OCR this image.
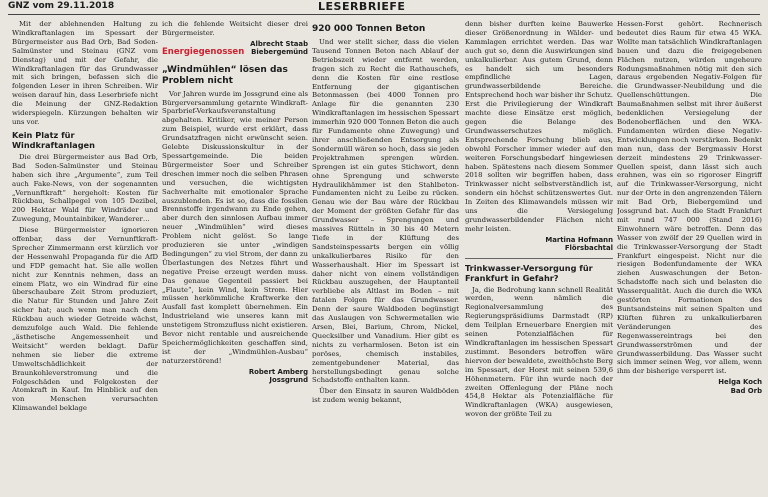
GNZ vom 29.11.2018	LESERBRIEFE

Mit der ablehnenden Haltung zu Windkraftanlagen im Spessart der Bürgermeister aus Bad Orb, Bad Soden-Salmünster und Steinau (GNZ vom Dienstag) und mit der Gefahr, die Windkraftanlagen für das Grundwasser mit sich bringen, befassen sich die folgenden Leser in ihren Schreiben. Wir weisen darauf hin, dass Leserbriefe nicht die Meinung der GNZ-Redaktion widerspiegeln. Kürzungen behalten wir uns vor.

Kein Platz für Windkraftanlagen

Die drei Bürgermeister aus Bad Orb, Bad Soden-Salmünster und Steinau haben sich ihre „Argumente“, zum Teil auch Fake-News, von der sogenannten „Vernunftkraft“ hergeholt: Kosten für Rückbau, Schallpegel von 105 Dezibel, 200 Hektar Wald für Windräder und Zuwegung, Mountainbiker, Wanderer…

Diese Bürgermeister ignorieren offenbar, dass der Vernunftkraft-Sprecher Zimmermann erst kürzlich vor der Hessenwahl Propaganda für die AfD und FDP gemacht hat. Sie alle wollen nicht zur Kenntnis nehmen, dass an einem Platz, wo ein Windrad für eine überschaubare Zeit Strom produziert, die Natur für Stunden und Jahre Zeit sicher hat; auch wenn man nach dem Rückbau auch wieder Getreide wächst, demzufolge auch Wald. Die fehlende „ästhetische Angemessenheit und Weitsicht“ werden beklagt. Dafür nehmen sie lieber die extreme Umweltschädlichkeit der Braunkohleverstromung und die Folgeschäden und Folgekosten der Atomkraft in Kauf. Im Hinblick auf den von Menschen verursachten Klimawandel beklage

ich die fehlende Weitsicht dieser drei Bürgermeister.

Albrecht Staab
Biebergemünd
Energiegenossen
„Windmühlen“ lösen das Problem nicht

Vor Jahren wurde im Jossgrund eine als Bürgerversammlung getarnte Windkraft-Sparbrief-Verkaufsveranstaltung abgehalten. Kritiker, wie meiner Person zum Beispiel, wurde erst erklärt, dass Grundsatzfragen nicht erwünscht seien. Gelebte Diskussionskultur in der Spessartgemeinde. Die beiden Bürgermeister Soer und Schreiber dreschen immer noch die selben Phrasen und versuchen, die wichtigsten Sachverhalte mit emotionaler Sprache auszublenden. Es ist so, dass die fossilen Brennstoffe irgendwann zu Ende gehen, aber durch den sinnlosen Aufbau immer neuer „Windmühlen“ wird dieses Problem nicht gelöst. So lange produzieren sie unter „windigen Bedingungen“ zu viel Strom, der dann zu Überlastungen des Netzes führt und negative Preise erzeugt werden muss. Das genaue Gegenteil passiert bei „Flaute“, kein Wind, kein Strom. Hier müssen herkömmliche Kraftwerke den Ausfall fast komplett übernehmen. Ein Industrieland wie unseres kann mit unstetigem Stromzufluss nicht existieren. Bevor nicht rentable und ausreichende Speichermöglichkeiten geschaffen sind, ist der „Windmühlen-Ausbau“ naturzerstörend!

Robert Amberg
Jossgrund
920 000 Tonnen Beton

Und wer stellt sicher, dass die vielen Tausend Tonnen Beton nach Ablauf der Betriebszeit wieder entfernt werden, fragen sich zu Recht die Rathauschefs, denn die Kosten für eine restlose Entfernung der gigantischen Betonmassen (bei 4000 Tonnen pro Anlage für die genannten 230 Windkraftanlagen im hessischen Spessart immerhin 920 000 Tonnen Beton die auch für Fundamente ohne Zuwegung) und ihrer anschließenden Entsorgung als Sondermüll wären so hoch, dass sie jeden Projektrahmen sprengen würden. Sprengen ist ein gutes Stichwort, denn ohne Sprengung und schwerste Hydraulikhämmer ist den Stahlbeton-Fundamenten nicht zu Leibe zu rücken. Genau wie der Bau wäre der Rückbau der Moment der größten Gefahr für das Grundwasser – Sprengungen und massives Rütteln in 30 bis 40 Metern Tiefe in der Klüftung des Sandsteinspessarts bergen ein völlig unkalkulierbares Risiko für den Wasserhaushalt. Hier im Spessart ist daher nicht von einem vollständigen Rückbau auszugehen, der Hauptanteil verbliebe als Altlast im Boden – mit fatalen Folgen für das Grundwasser. Denn der saure Waldboden begünstigt das Auslaugen von Schwermetallen wie Arsen, Blei, Barium, Chrom, Nickel, Quecksilber und Vanadium. Hier gibt es nichts zu verharmlosen. Beton ist ein poröses, chemisch instabiles, zementgebundener Material, das herstellungsbedingt genau solche Schadstoffe enthalten kann.

Über den Einsatz in sauren Waldböden ist zudem wenig bekannt,

denn bisher durften keine Bauwerke dieser Größenordnung in Wälder- und Kammlagen errichtet werden. Das war auch gut so, denn die Auswirkungen sind unkalkulierbar. Aus gutem Grund, denn es handelt sich um besonders empfindliche Lagen, grundwasserbildende Bereiche. Entsprechend hoch war bisher ihr Schutz. Erst die Privilegierung der Windkraft machte diese Einsätze erst möglich, gegen die Belange des Grundwasserschutzes möglich. Entsprechende Forschung blieb aus, obwohl Forscher immer wieder auf den weiteren Forschungsbedarf hingewiesen haben. Spätestens nach diesem Sommer 2018 sollten wir begriffen haben, dass Trinkwasser nicht selbstverständlich ist, sondern ein höchst schützenswertes Gut. In Zeiten des Klimawandels müssen wir uns die Versiegelung grundwasserbildender Flächen nicht mehr leisten.

Martina Hofmann
Flörsbachtal
Trinkwasser-Versorgung für Frankfurt in Gefahr?

Ja, die Bedrohung kann schnell Realität werden, wenn nämlich die Regionalversammlung des Regierungspräsidiums Darmstadt (RP) dem Teilplan Erneuerbare Energien mit seinen Potenzialflächen für Windkraftanlagen im hessischen Spessart zustimmt. Besonders betroffen wäre hiervon der bewaldete, zweithöchste Berg im Spessart, der Horst mit seinen 539,6 Höhenmetern. Für ihn wurde nach der zweiten Offenlegung der Pläne noch 454,8 Hektar als Potenzialfläche für Windkraftanlagen (WKA) ausgewiesen, wovon der größte Teil zu

Hessen-Forst gehört. Rechnerisch bedeutet dies Raum für etwa 45 WKA. Wollte man tatsächlich Windkraftanlagen bauen und dazu die freigegebenen Flächen nutzen, würden ungeheure Rodungsmaßnahmen nötig mit den sich daraus ergebenden Negativ-Folgen für die Grundwasser-Neubildung und die Quellenschüttungen. Die Baumaßnahmen selbst mit ihrer äußerst bedenklichen Versiegelung der Bodenoberflächen und den WKA-Fundamenten würden diese Negativ-Entwicklungen noch verstärken. Bedenkt man nun, dass der Bergmassiv Horst derzeit mindestens 29 Trinkwasser-Quellen speist, dann lässt sich auch erahnen, was ein so rigoroser Eingriff auf die Trinkwasser-Versorgung, nicht nur der Orte in den angrenzenden Tälern mit Bad Orb, Biebergemünd und Jossgrund bat. Auch die Stadt Frankfurt mit rund 747 000 (Stand 2016) Einwohnern wäre betroffen. Denn das Wasser von zwölf der 29 Quellen wird in die Trinkwasser-Versorgung der Stadt Frankfurt eingespeist. Nicht nur die riesigen Bodenfundamente der WKA ziehen Auswaschungen der Beton-Schadstoffe nach sich und belasten die Wasserqualität. Auch die durch die WKA gestörten Formationen des Buntsandsteins mit seinen Spalten und Klüften führen zu unkalkulierbaren Veränderungen des Regenwassereintrags bei den Grundwasserströmen und der Grundwasserbildung. Das Wasser sucht sich immer seinen Weg, vor allem, wenn ihm der bisherige versperrt ist.

Helga Koch
Bad Orb
